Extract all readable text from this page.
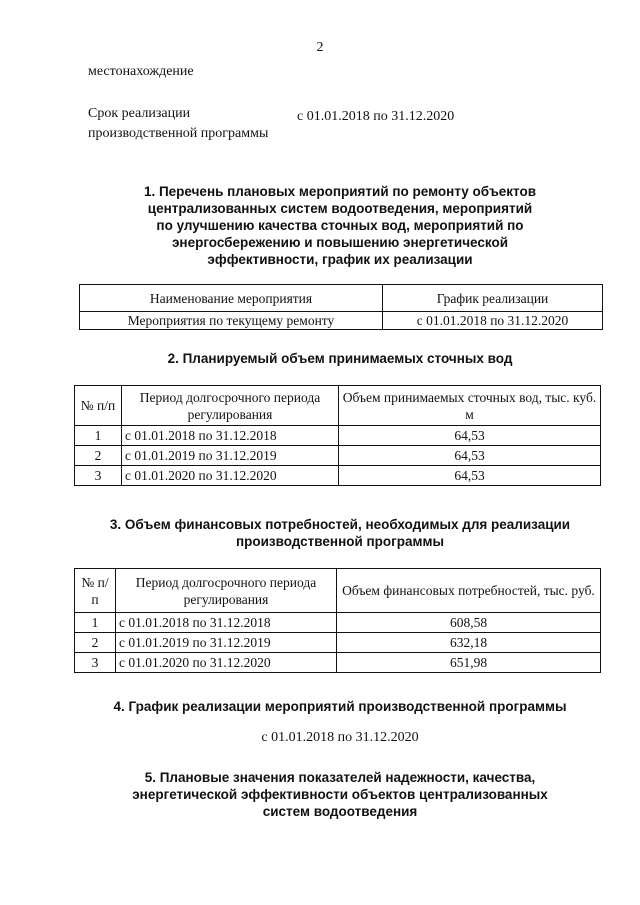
2
местонахождение
Срок реализации
производственной программы
с 01.01.2018 по 31.12.2020
1. Перечень плановых мероприятий по ремонту объектов
централизованных систем водоотведения, мероприятий
по улучшению качества сточных вод, мероприятий по
энергосбережению и повышению энергетической
эффективности, график их реализации
Наименование мероприятия	График реализации
Мероприятия по текущему ремонту	с 01.01.2018 по 31.12.2020
2. Планируемый объем принимаемых сточных вод
№ п/п	Период долгосрочного периода регулирования	Объем принимаемых сточных вод, тыс. куб. м
1	с 01.01.2018 по 31.12.2018	64,53
2	с 01.01.2019 по 31.12.2019	64,53
3	с 01.01.2020 по 31.12.2020	64,53
3. Объем финансовых потребностей, необходимых для реализации
производственной программы
№ п/п	Период долгосрочного периода регулирования	Объем финансовых потребностей, тыс. руб.
1	с 01.01.2018 по 31.12.2018	608,58
2	с 01.01.2019 по 31.12.2019	632,18
3	с 01.01.2020 по 31.12.2020	651,98
4. График реализации мероприятий производственной программы
с 01.01.2018 по 31.12.2020
5. Плановые значения показателей надежности, качества,
энергетической эффективности объектов централизованных
систем водоотведения
